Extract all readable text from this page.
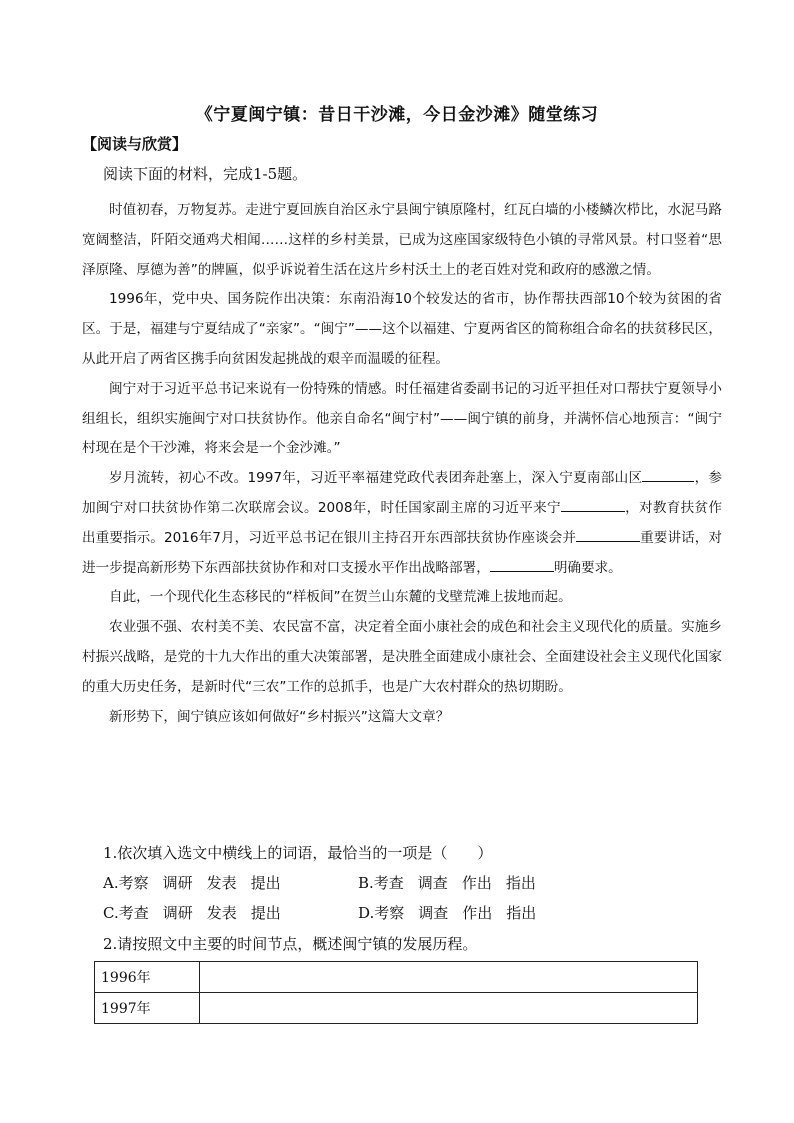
《宁夏闽宁镇：昔日干沙滩，今日金沙滩》随堂练习
【阅读与欣赏】
阅读下面的材料，完成1-5题。

时值初春，万物复苏。走进宁夏回族自治区永宁县闽宁镇原隆村，红瓦白墙的小楼鳞次栉比，水泥马路宽阔整洁，阡陌交通鸡犬相闻……这样的乡村美景，已成为这座国家级特色小镇的寻常风景。村口竖着“思泽原隆、厚德为善”的牌匾，似乎诉说着生活在这片乡村沃土上的老百姓对党和政府的感激之情。

1996年，党中央、国务院作出决策：东南沿海10个较发达的省市，协作帮扶西部10个较为贫困的省区。于是，福建与宁夏结成了“亲家”。“闽宁”——这个以福建、宁夏两省区的简称组合命名的扶贫移民区，从此开启了两省区携手向贫困发起挑战的艰辛而温暖的征程。

闽宁对于习近平总书记来说有一份特殊的情感。时任福建省委副书记的习近平担任对口帮扶宁夏领导小组组长，组织实施闽宁对口扶贫协作。他亲自命名“闽宁村”——闽宁镇的前身，并满怀信心地预言：“闽宁村现在是个干沙滩，将来会是一个金沙滩。”

岁月流转，初心不改。1997年，习近平率福建党政代表团奔赴塞上，深入宁夏南部山区	，参加闽宁对口扶贫协作第二次联席会议。2008年，时任国家副主席的习近平来宁	，对教育扶贫作出重要指示。2016年7月，习近平总书记在银川主持召开东西部扶贫协作座谈会并	重要讲话，对进一步提高新形势下东西部扶贫协作和对口支援水平作出战略部署，	明确要求。

自此，一个现代化生态移民的“样板间”在贺兰山东麓的戈壁荒滩上拔地而起。

农业强不强、农村美不美、农民富不富，决定着全面小康社会的成色和社会主义现代化的质量。实施乡村振兴战略，是党的十九大作出的重大决策部署，是决胜全面建成小康社会、全面建设社会主义现代化国家的重大历史任务，是新时代“三农”工作的总抓手，也是广大农村群众的热切期盼。

新形势下，闽宁镇应该如何做好“乡村振兴”这篇大文章？

1.依次填入选文中横线上的词语，最恰当的一项是（　　）
A.考察 调研 发表 提出	B.考查 调查 作出 指出
C.考查 调研 发表 提出	D.考察 调查 作出 指出
2.请按照文中主要的时间节点，概述闽宁镇的发展历程。
1996年	
1997年	
